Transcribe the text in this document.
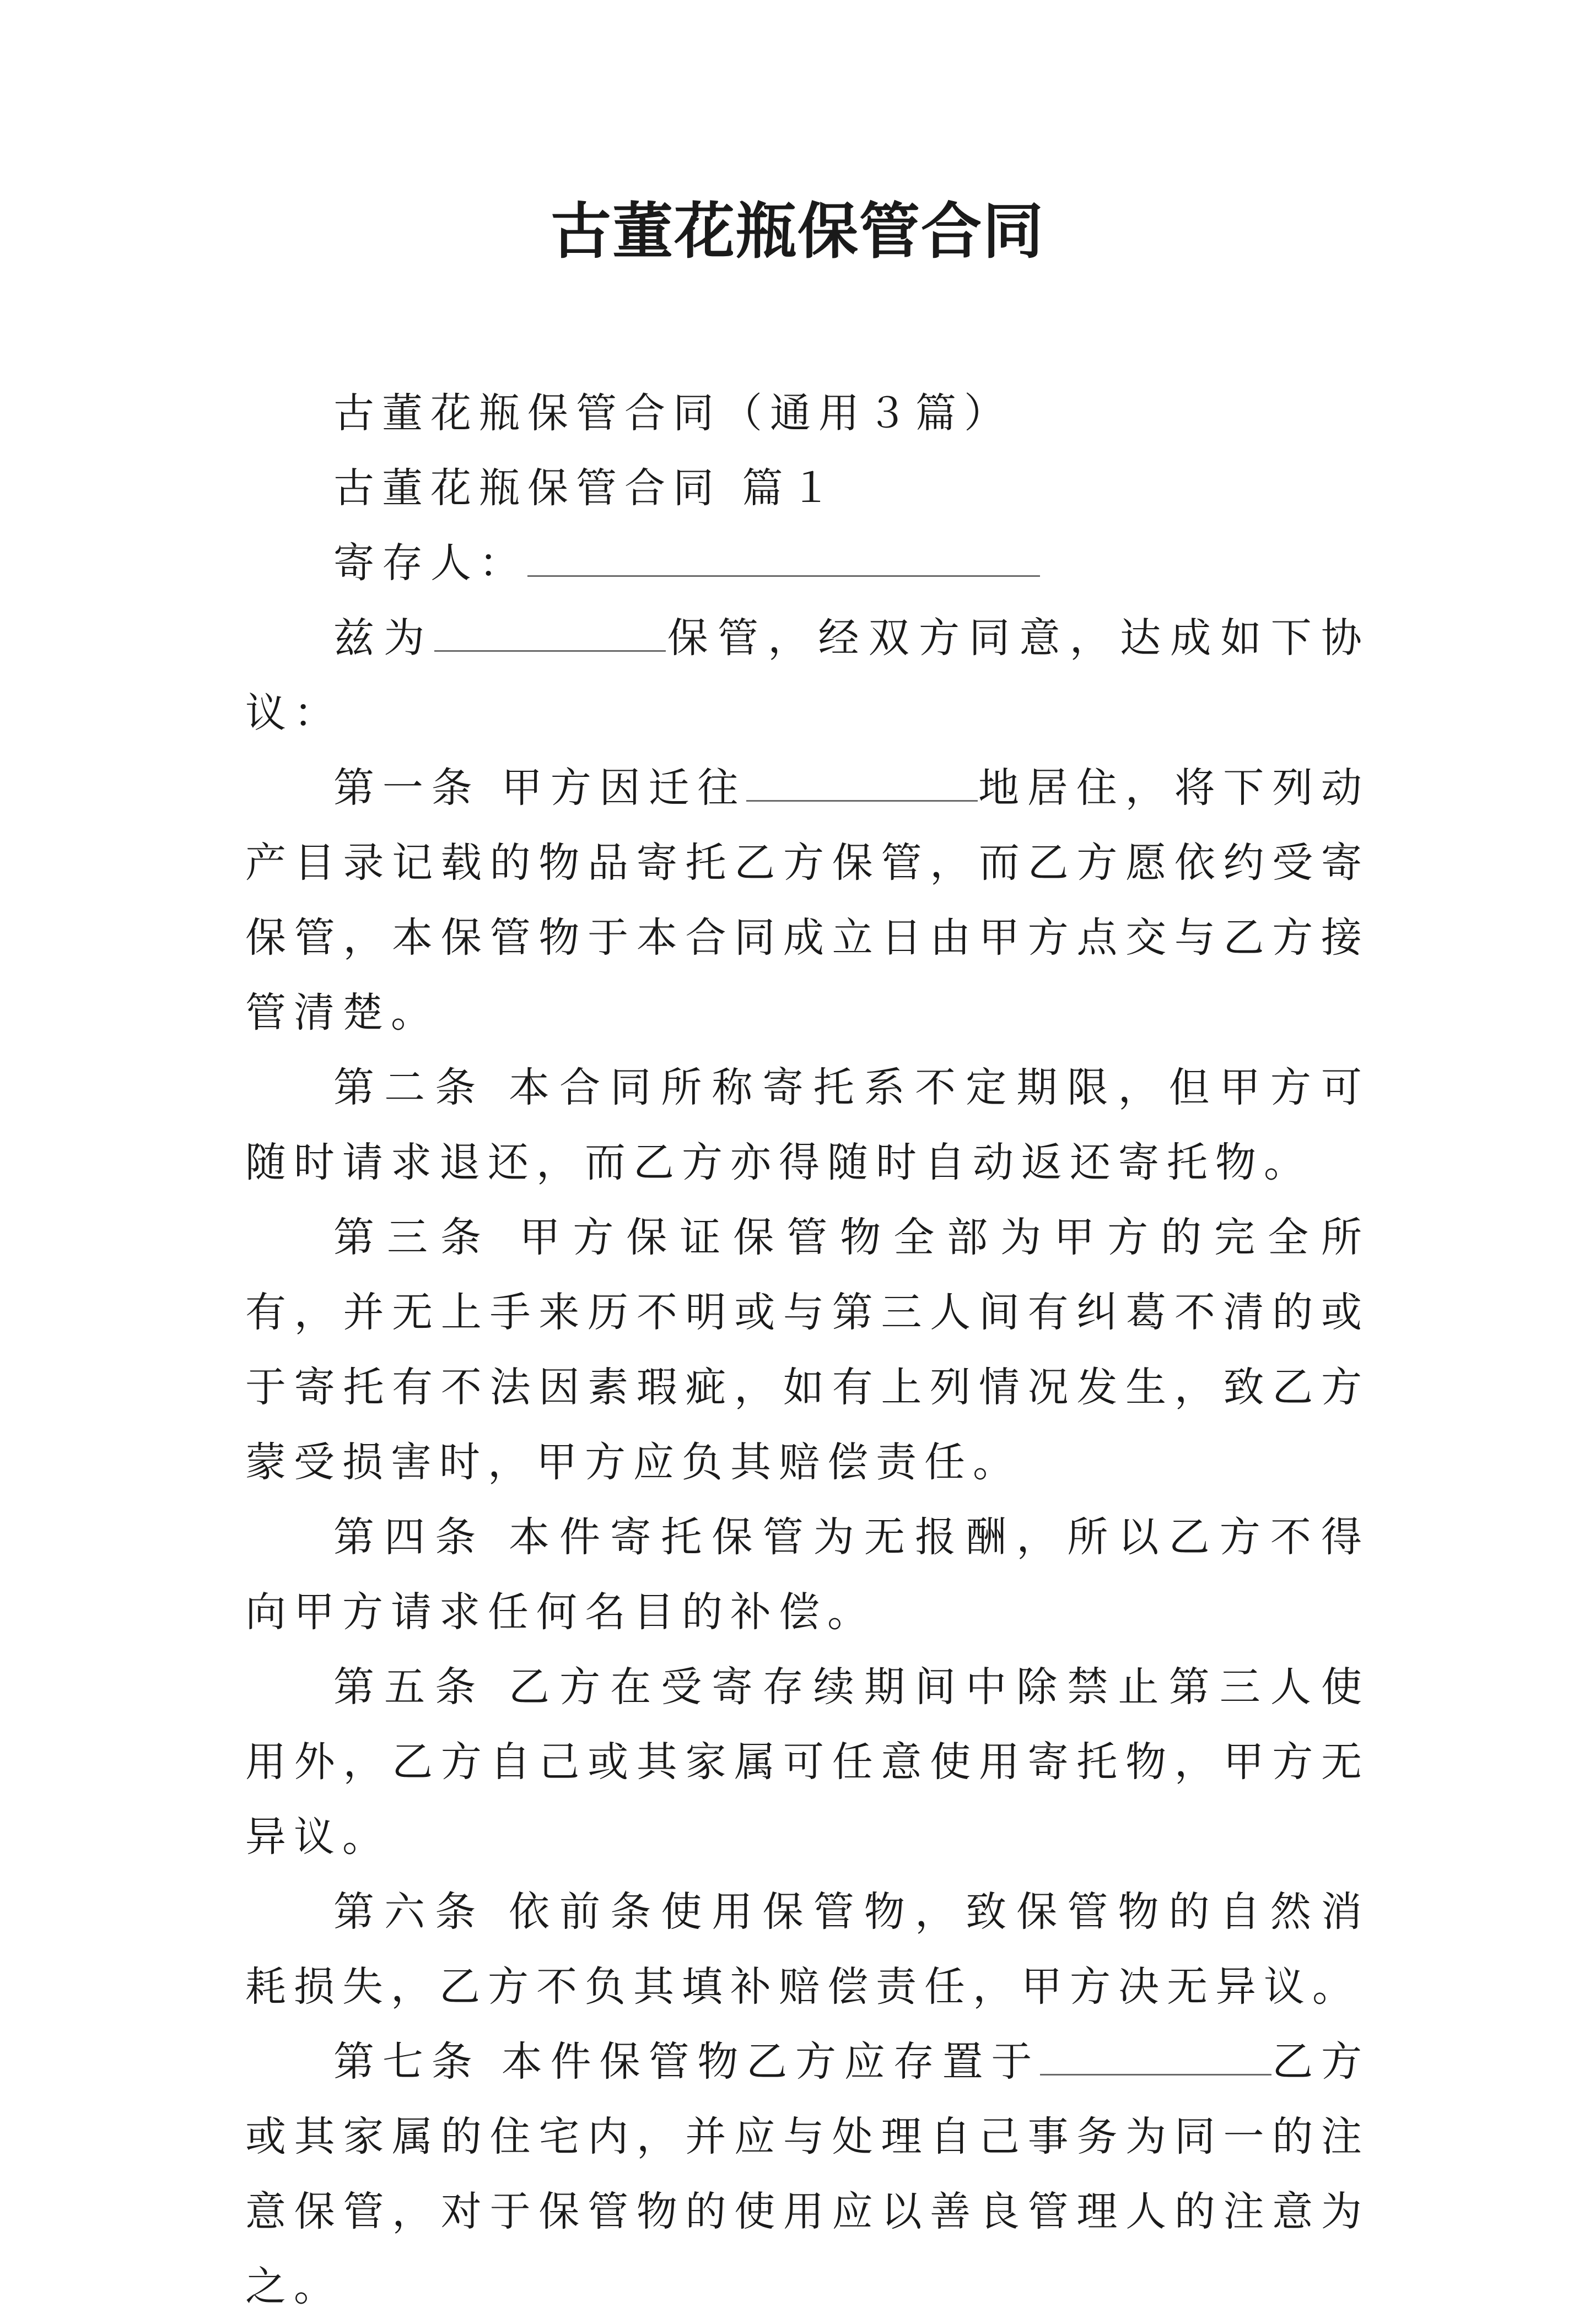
古董花瓶保管合同

古董花瓶保管合同（通用３篇）

古董花瓶保管合同 篇１

寄存人：

兹为	保管，经双方同意，达成如下协议：

第一条 甲方因迁往	地居住，将下列动产目录记载的物品寄托乙方保管，而乙方愿依约受寄保管，本保管物于本合同成立日由甲方点交与乙方接管清楚。

第二条 本合同所称寄托系不定期限，但甲方可随时请求退还，而乙方亦得随时自动返还寄托物。

第三条 甲方保证保管物全部为甲方的完全所有，并无上手来历不明或与第三人间有纠葛不清的或于寄托有不法因素瑕疵，如有上列情况发生，致乙方蒙受损害时，甲方应负其赔偿责任。

第四条 本件寄托保管为无报酬，所以乙方不得向甲方请求任何名目的补偿。

第五条 乙方在受寄存续期间中除禁止第三人使用外，乙方自己或其家属可任意使用寄托物，甲方无异议。

第六条 依前条使用保管物，致保管物的自然消耗损失，乙方不负其填补赔偿责任，甲方决无异议。

第七条 本件保管物乙方应存置于	乙方或其家属的住宅内，并应与处理自己事务为同一的注意保管，对于保管物的使用应以善良管理人的注意为之。
